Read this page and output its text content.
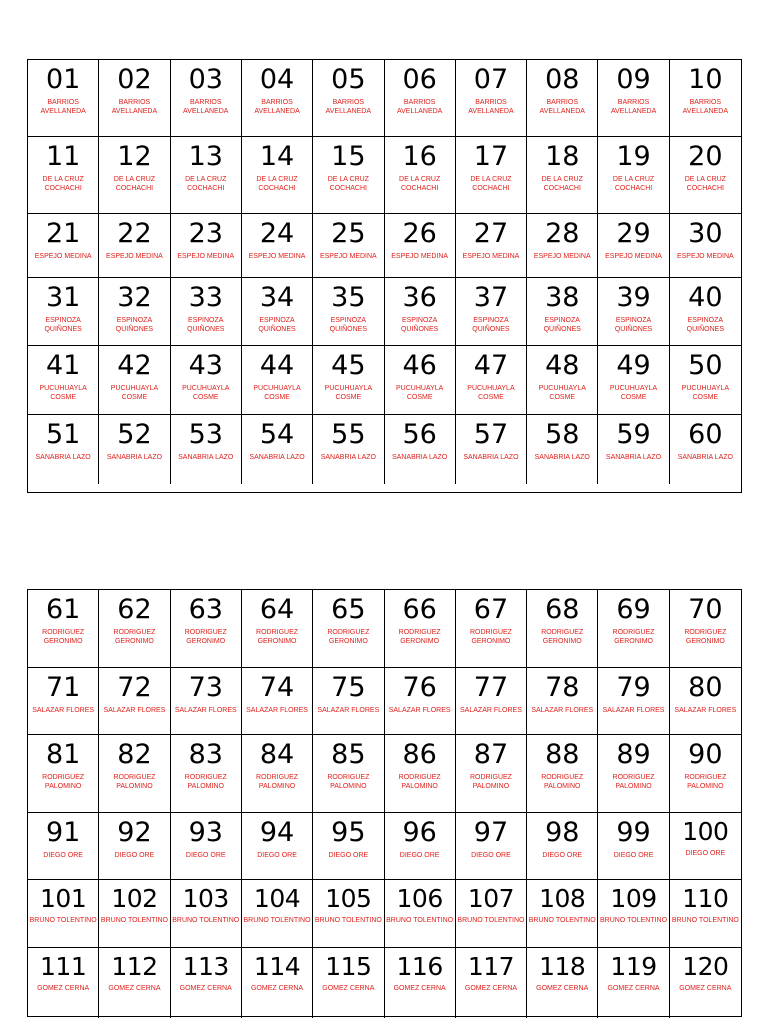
01
BARRIOS
AVELLANEDA
02
BARRIOS
AVELLANEDA
03
BARRIOS
AVELLANEDA
04
BARRIOS
AVELLANEDA
05
BARRIOS
AVELLANEDA
06
BARRIOS
AVELLANEDA
07
BARRIOS
AVELLANEDA
08
BARRIOS
AVELLANEDA
09
BARRIOS
AVELLANEDA
10
BARRIOS
AVELLANEDA
11
DE LA CRUZ
COCHACHI
12
DE LA CRUZ
COCHACHI
13
DE LA CRUZ
COCHACHI
14
DE LA CRUZ
COCHACHI
15
DE LA CRUZ
COCHACHI
16
DE LA CRUZ
COCHACHI
17
DE LA CRUZ
COCHACHI
18
DE LA CRUZ
COCHACHI
19
DE LA CRUZ
COCHACHI
20
DE LA CRUZ
COCHACHI
21
ESPEJO MEDINA
22
ESPEJO MEDINA
23
ESPEJO MEDINA
24
ESPEJO MEDINA
25
ESPEJO MEDINA
26
ESPEJO MEDINA
27
ESPEJO MEDINA
28
ESPEJO MEDINA
29
ESPEJO MEDINA
30
ESPEJO MEDINA
31
ESPINOZA
QUIÑONES
32
ESPINOZA
QUIÑONES
33
ESPINOZA
QUIÑONES
34
ESPINOZA
QUIÑONES
35
ESPINOZA
QUIÑONES
36
ESPINOZA
QUIÑONES
37
ESPINOZA
QUIÑONES
38
ESPINOZA
QUIÑONES
39
ESPINOZA
QUIÑONES
40
ESPINOZA
QUIÑONES
41
PUCUHUAYLA
COSME
42
PUCUHUAYLA
COSME
43
PUCUHUAYLA
COSME
44
PUCUHUAYLA
COSME
45
PUCUHUAYLA
COSME
46
PUCUHUAYLA
COSME
47
PUCUHUAYLA
COSME
48
PUCUHUAYLA
COSME
49
PUCUHUAYLA
COSME
50
PUCUHUAYLA
COSME
51
SANABRIA LAZO
52
SANABRIA LAZO
53
SANABRIA LAZO
54
SANABRIA LAZO
55
SANABRIA LAZO
56
SANABRIA LAZO
57
SANABRIA LAZO
58
SANABRIA LAZO
59
SANABRIA LAZO
60
SANABRIA LAZO
61
RODRIGUEZ
GERONIMO
62
RODRIGUEZ
GERONIMO
63
RODRIGUEZ
GERONIMO
64
RODRIGUEZ
GERONIMO
65
RODRIGUEZ
GERONIMO
66
RODRIGUEZ
GERONIMO
67
RODRIGUEZ
GERONIMO
68
RODRIGUEZ
GERONIMO
69
RODRIGUEZ
GERONIMO
70
RODRIGUEZ
GERONIMO
71
SALAZAR FLORES
72
SALAZAR FLORES
73
SALAZAR FLORES
74
SALAZAR FLORES
75
SALAZAR FLORES
76
SALAZAR FLORES
77
SALAZAR FLORES
78
SALAZAR FLORES
79
SALAZAR FLORES
80
SALAZAR FLORES
81
RODRIGUEZ
PALOMINO
82
RODRIGUEZ
PALOMINO
83
RODRIGUEZ
PALOMINO
84
RODRIGUEZ
PALOMINO
85
RODRIGUEZ
PALOMINO
86
RODRIGUEZ
PALOMINO
87
RODRIGUEZ
PALOMINO
88
RODRIGUEZ
PALOMINO
89
RODRIGUEZ
PALOMINO
90
RODRIGUEZ
PALOMINO
91
DIEGO ORE
92
DIEGO ORE
93
DIEGO ORE
94
DIEGO ORE
95
DIEGO ORE
96
DIEGO ORE
97
DIEGO ORE
98
DIEGO ORE
99
DIEGO ORE
100
DIEGO ORE
101
BRUNO TOLENTINO
102
BRUNO TOLENTINO
103
BRUNO TOLENTINO
104
BRUNO TOLENTINO
105
BRUNO TOLENTINO
106
BRUNO TOLENTINO
107
BRUNO TOLENTINO
108
BRUNO TOLENTINO
109
BRUNO TOLENTINO
110
BRUNO TOLENTINO
111
GOMEZ CERNA
112
GOMEZ CERNA
113
GOMEZ CERNA
114
GOMEZ CERNA
115
GOMEZ CERNA
116
GOMEZ CERNA
117
GOMEZ CERNA
118
GOMEZ CERNA
119
GOMEZ CERNA
120
GOMEZ CERNA
